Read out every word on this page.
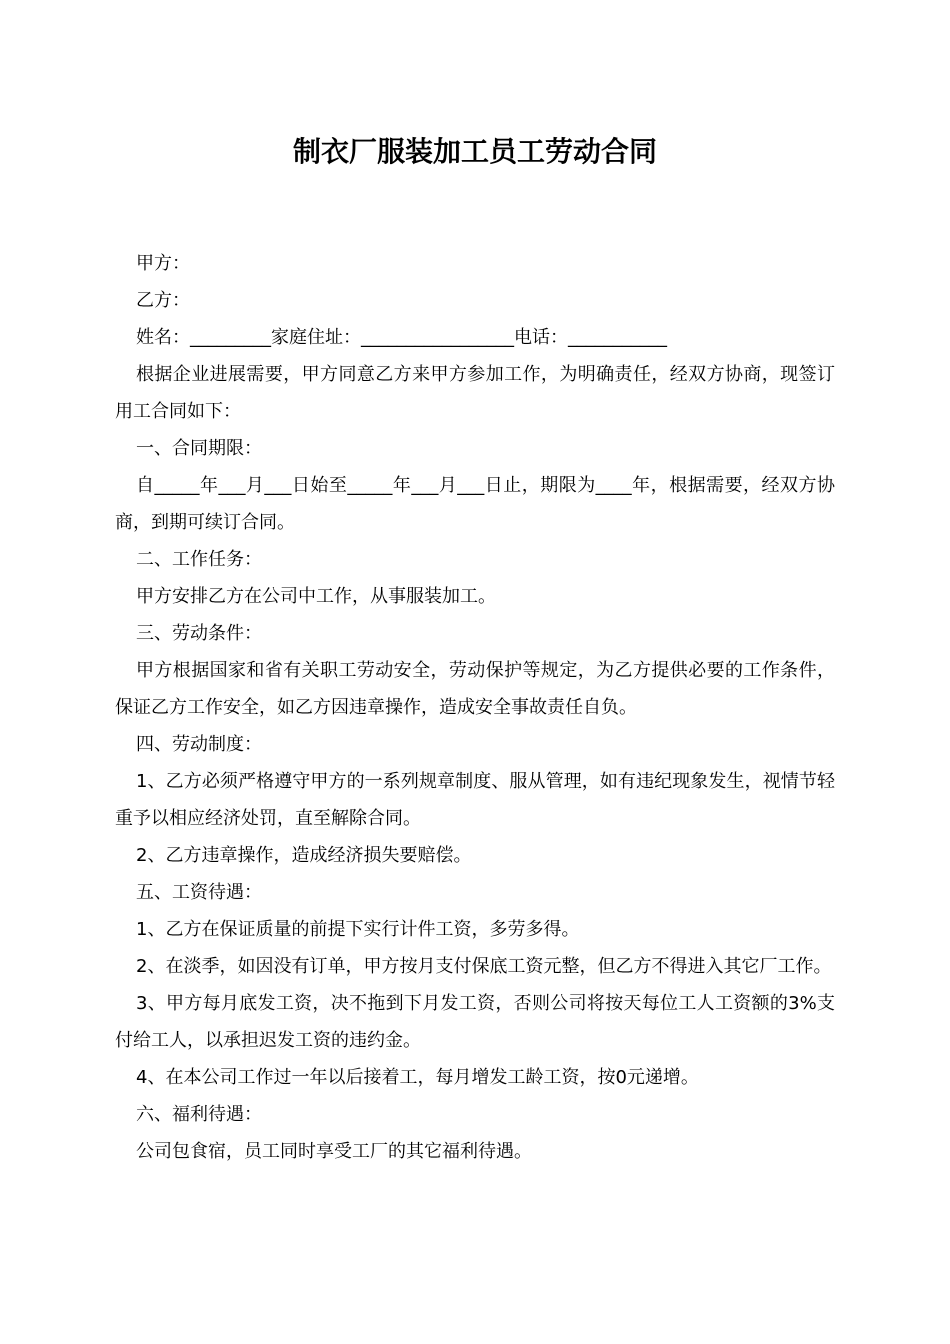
制衣厂服装加工员工劳动合同

甲方：

乙方：

姓名：_________家庭住址：_________________电话：___________

根据企业进展需要，甲方同意乙方来甲方参加工作，为明确责任，经双方协商，现签订用工合同如下：

一、合同期限：

自_____年___月___日始至_____年___月___日止，期限为____年，根据需要，经双方协商，到期可续订合同。

二、工作任务：

甲方安排乙方在公司中工作，从事服装加工。

三、劳动条件：

甲方根据国家和省有关职工劳动安全，劳动保护等规定，为乙方提供必要的工作条件，保证乙方工作安全，如乙方因违章操作，造成安全事故责任自负。

四、劳动制度：

1、乙方必须严格遵守甲方的一系列规章制度、服从管理，如有违纪现象发生，视情节轻重予以相应经济处罚，直至解除合同。

2、乙方违章操作，造成经济损失要赔偿。

五、工资待遇：

1、乙方在保证质量的前提下实行计件工资，多劳多得。

2、在淡季，如因没有订单，甲方按月支付保底工资元整，但乙方不得进入其它厂工作。

3、甲方每月底发工资，决不拖到下月发工资，否则公司将按天每位工人工资额的3%支付给工人，以承担迟发工资的违约金。

4、在本公司工作过一年以后接着工，每月增发工龄工资，按0元递增。

六、福利待遇：

公司包食宿，员工同时享受工厂的其它福利待遇。
